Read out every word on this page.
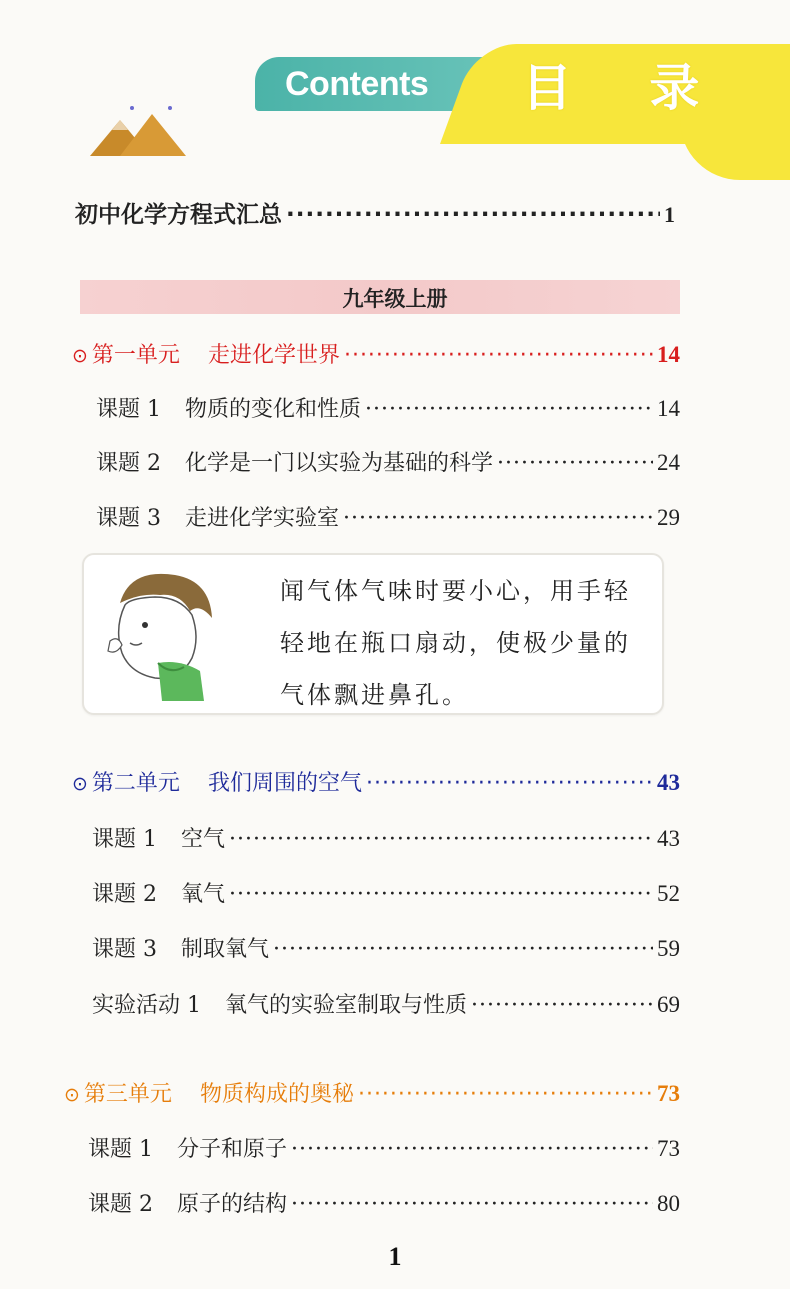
Contents 目 录
初中化学方程式汇总 ·····	1
九年级上册
⊙ 第一单元 走进化学世界 ·····	14
课题 1 物质的变化和性质 ·····	14
课题 2 化学是一门以实验为基础的科学 ·····	24
课题 3 走进化学实验室 ·····	29
闻气体气味时要小心，用手轻
轻地在瓶口扇动，使极少量的
气体飘进鼻孔。
⊙ 第二单元 我们周围的空气 ·····	43
课题 1 空气 ·····	43
课题 2 氧气 ·····	52
课题 3 制取氧气 ·····	59
实验活动 1 氧气的实验室制取与性质 ·····	69
⊙ 第三单元 物质构成的奥秘 ·····	73
课题 1 分子和原子 ·····	73
课题 2 原子的结构 ·····	80
1
